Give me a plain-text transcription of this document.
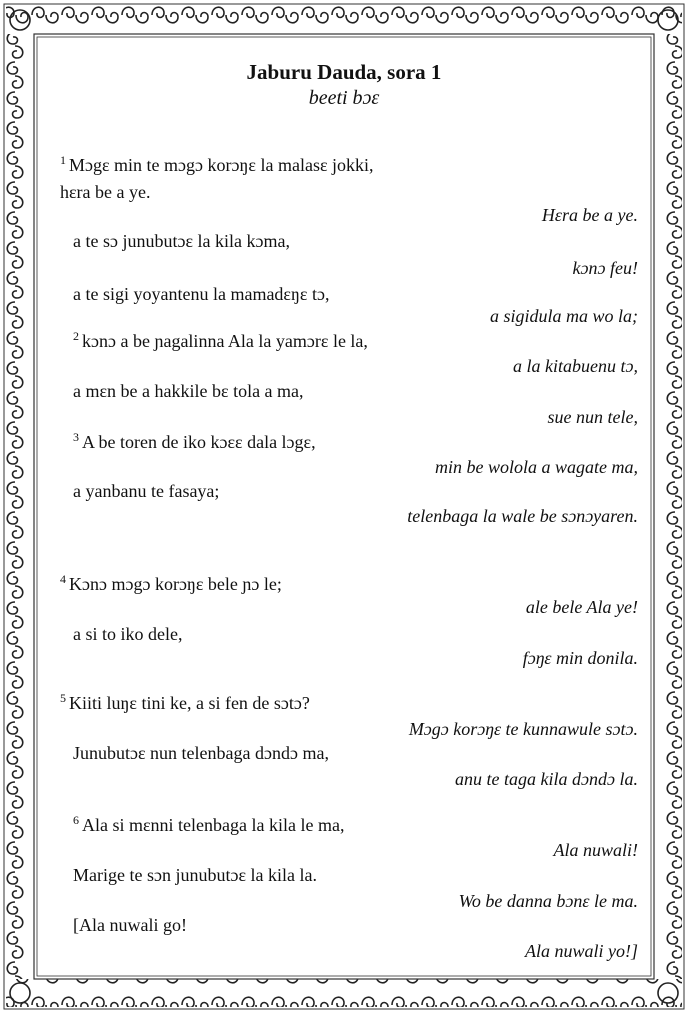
Jaburu Dauda, sora 1
beeti bɔɛ
$^1$ Mɔgɛ min te mɔgɔ korɔŋɛ la malasɛ jokki,
hɛra be a ye.
Hɛra be a ye.
a te sɔ junubutɔɛ la kila kɔma,
kɔnɔ feu!
a te sigi yoyantenu la mamadɛŋɛ tɔ,
a sigidula ma wo la;
$^2$ kɔnɔ a be ɲagalinna Ala la yamɔrɛ le la,
a la kitabuenu tɔ,
a mɛn be a hakkile bɛ tola a ma,
sue nun tele,
$^3$ A be toren de iko kɔɛɛ dala lɔgɛ,
min be wolola a wagate ma,
a yanbanu te fasaya;
telenbaga la wale be sɔnɔyaren.
$^4$ Kɔnɔ mɔgɔ korɔŋɛ bele ɲɔ le;
ale bele Ala ye!
a si to iko dele,
fɔŋɛ min donila.
$^5$ Kiiti luŋɛ tini ke, a si fen de sɔtɔ?
Mɔgɔ korɔŋɛ te kunnawule sɔtɔ.
Junubutɔɛ nun telenbaga dɔndɔ ma,
anu te taga kila dɔndɔ la.
$^6$ Ala si mɛnni telenbaga la kila le ma,
Ala nuwali!
Marige te sɔn junubutɔɛ la kila la.
Wo be danna bɔnɛ le ma.
[Ala nuwali go!
Ala nuwali yo!]
